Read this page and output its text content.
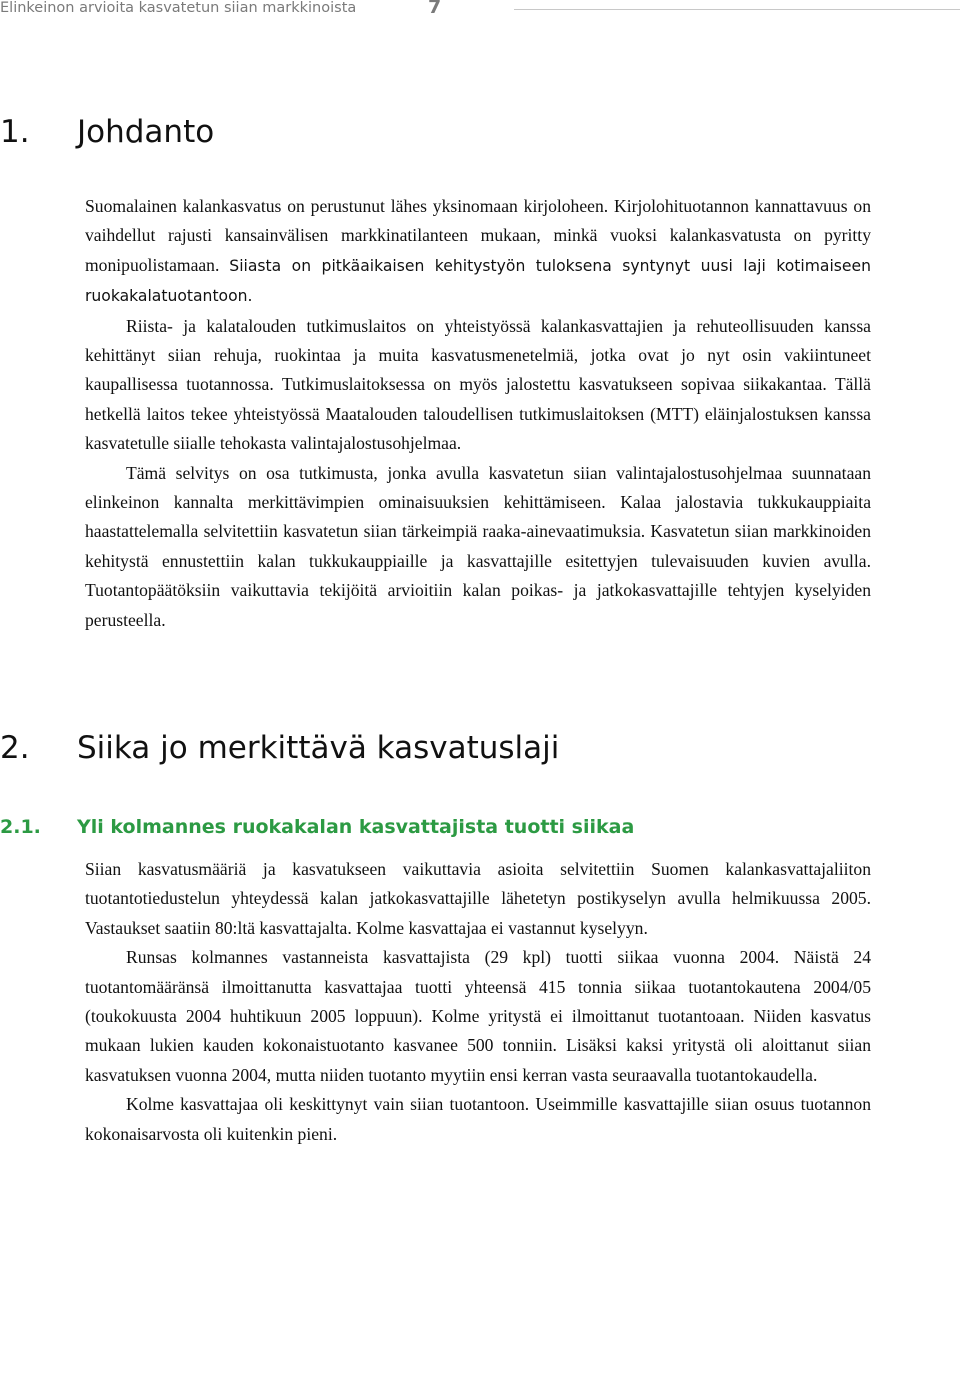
Elinkeinon arvioita kasvatetun siian markkinoista	7
1. Johdanto

Suomalainen kalankasvatus on perustunut lähes yksinomaan kirjoloheen. Kirjolohituotannon kannattavuus on vaihdellut rajusti kansainvälisen markkinatilanteen mukaan, minkä vuoksi kalankasvatusta on pyritty monipuolistamaan. Siiasta on pitkäaikaisen kehitystyön tuloksena syntynyt uusi laji kotimaiseen ruokakalatuotantoon.

Riista- ja kalatalouden tutkimuslaitos on yhteistyössä kalankasvattajien ja rehuteollisuuden kanssa kehittänyt siian rehuja, ruokintaa ja muita kasvatusmenetelmiä, jotka ovat jo nyt osin vakiintuneet kaupallisessa tuotannossa. Tutkimuslaitoksessa on myös jalostettu kasvatukseen sopivaa siikakantaa. Tällä hetkellä laitos tekee yhteistyössä Maatalouden taloudellisen tutkimuslaitoksen (MTT) eläinjalostuksen kanssa kasvatetulle siialle tehokasta valintajalostusohjelmaa.

Tämä selvitys on osa tutkimusta, jonka avulla kasvatetun siian valintajalostusohjelmaa suunnataan elinkeinon kannalta merkittävimpien ominaisuuksien kehittämiseen. Kalaa jalostavia tukkukauppiaita haastattelemalla selvitettiin kasvatetun siian tärkeimpiä raaka-ainevaatimuksia. Kasvatetun siian markkinoiden kehitystä ennustettiin kalan tukkukauppiaille ja kasvattajille esitettyjen tulevaisuuden kuvien avulla. Tuotantopäätöksiin vaikuttavia tekijöitä arvioitiin kalan poikas- ja jatkokasvattajille tehtyjen kyselyiden perusteella.

2. Siika jo merkittävä kasvatuslaji
2.1. Yli kolmannes ruokakalan kasvattajista tuotti siikaa

Siian kasvatusmääriä ja kasvatukseen vaikuttavia asioita selvitettiin Suomen kalankasvattajaliiton tuotantotiedustelun yhteydessä kalan jatkokasvattajille lähetetyn postikyselyn avulla helmikuussa 2005. Vastaukset saatiin 80:ltä kasvattajalta. Kolme kasvattajaa ei vastannut kyselyyn.

Runsas kolmannes vastanneista kasvattajista (29 kpl) tuotti siikaa vuonna 2004. Näistä 24 tuotantomääränsä ilmoittanutta kasvattajaa tuotti yhteensä 415 tonnia siikaa tuotantokautena 2004/05 (toukokuusta 2004 huhtikuun 2005 loppuun). Kolme yritystä ei ilmoittanut tuotantoaan. Niiden kasvatus mukaan lukien kauden kokonaistuotanto kasvanee 500 tonniin. Lisäksi kaksi yritystä oli aloittanut siian kasvatuksen vuonna 2004, mutta niiden tuotanto myytiin ensi kerran vasta seuraavalla tuotantokaudella.

Kolme kasvattajaa oli keskittynyt vain siian tuotantoon. Useimmille kasvattajille siian osuus tuotannon kokonaisarvosta oli kuitenkin pieni.
